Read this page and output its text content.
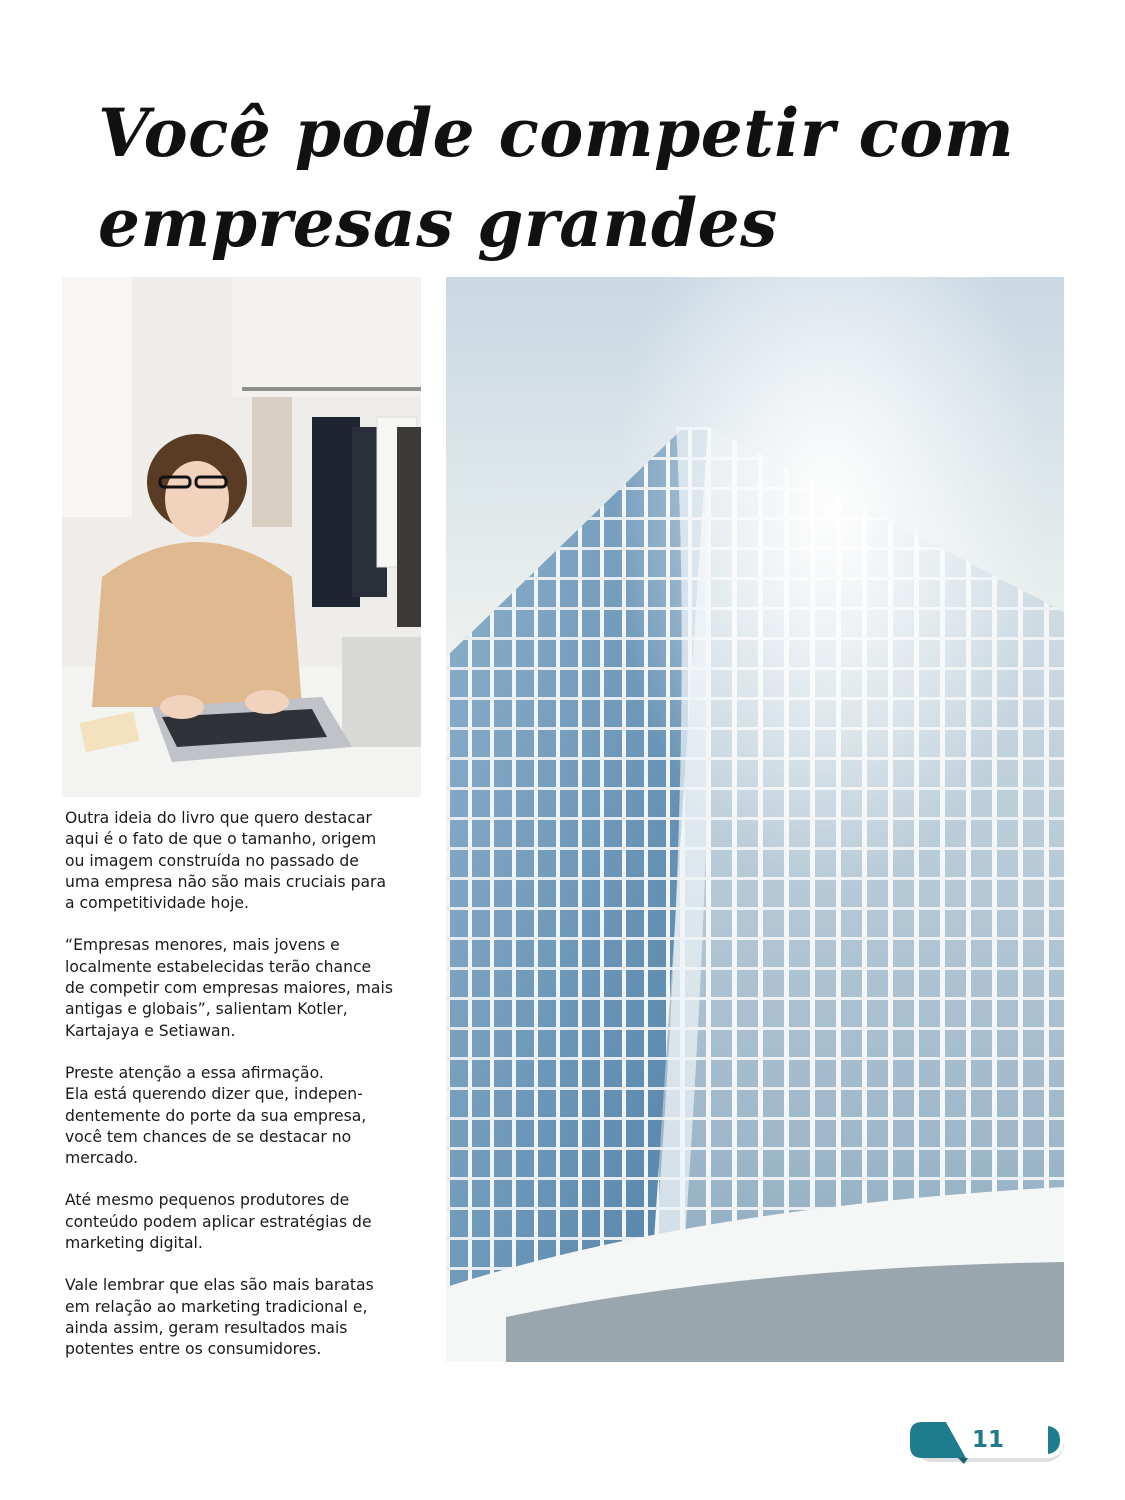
Você pode competir com
empresas grandes

Outra ideia do livro que quero destacar
aqui é o fato de que o tamanho, origem
ou imagem construída no passado de
uma empresa não são mais cruciais para
a competitividade hoje.

“Empresas menores, mais jovens e
localmente estabelecidas terão chance
de competir com empresas maiores, mais
antigas e globais”, salientam Kotler,
Kartajaya e Setiawan.

Preste atenção a essa afirmação.
Ela está querendo dizer que, indepen-
dentemente do porte da sua empresa,
você tem chances de se destacar no
mercado.

Até mesmo pequenos produtores de
conteúdo podem aplicar estratégias de
marketing digital.

Vale lembrar que elas são mais baratas
em relação ao marketing tradicional e,
ainda assim, geram resultados mais
potentes entre os consumidores.

11
